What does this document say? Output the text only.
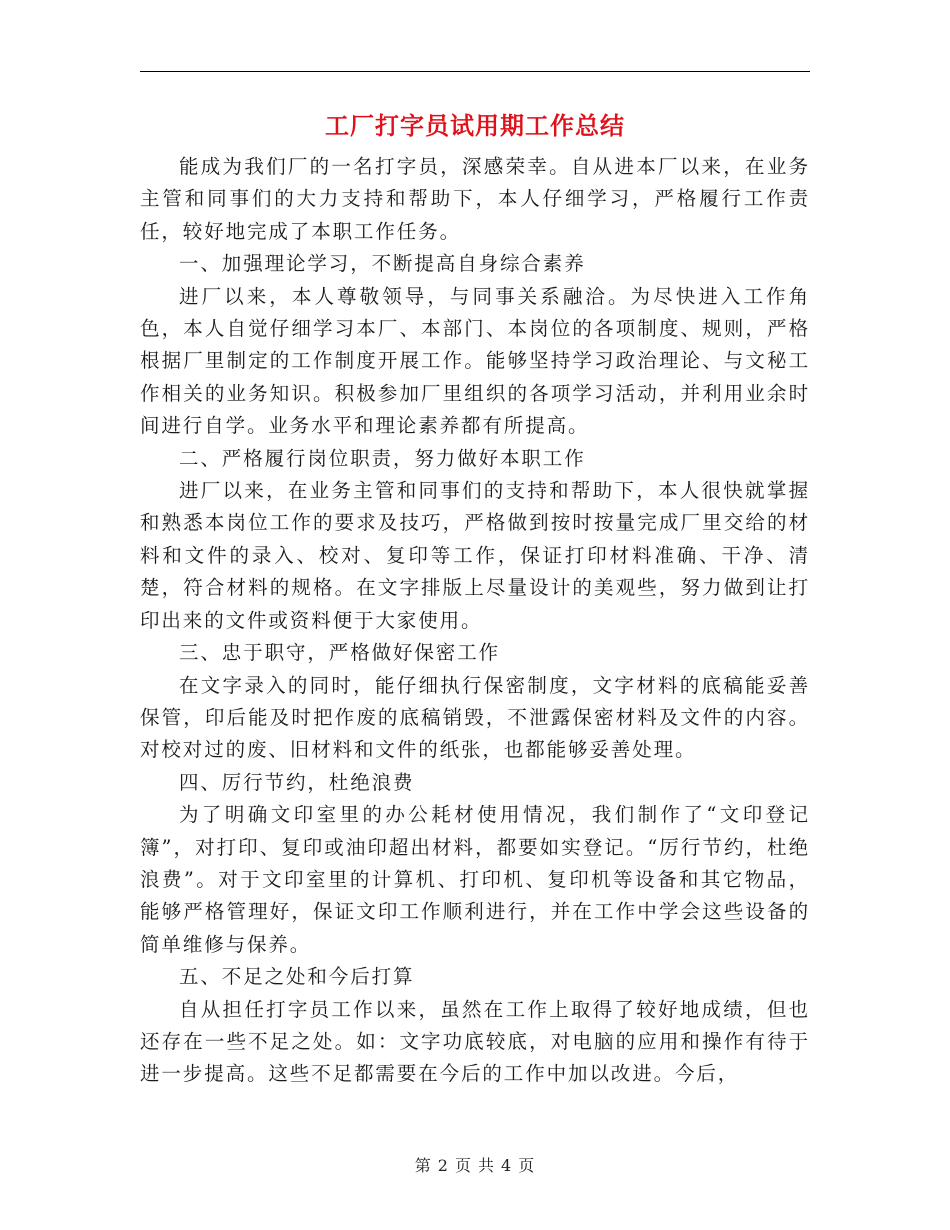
工厂打字员试用期工作总结

能成为我们厂的一名打字员，深感荣幸。自从进本厂以来，在业务主管和同事们的大力支持和帮助下，本人仔细学习，严格履行工作责任，较好地完成了本职工作任务。

一、加强理论学习，不断提高自身综合素养

进厂以来，本人尊敬领导，与同事关系融洽。为尽快进入工作角色，本人自觉仔细学习本厂、本部门、本岗位的各项制度、规则，严格根据厂里制定的工作制度开展工作。能够坚持学习政治理论、与文秘工作相关的业务知识。积极参加厂里组织的各项学习活动，并利用业余时间进行自学。业务水平和理论素养都有所提高。

二、严格履行岗位职责，努力做好本职工作

进厂以来，在业务主管和同事们的支持和帮助下，本人很快就掌握和熟悉本岗位工作的要求及技巧，严格做到按时按量完成厂里交给的材料和文件的录入、校对、复印等工作，保证打印材料准确、干净、清楚，符合材料的规格。在文字排版上尽量设计的美观些，努力做到让打印出来的文件或资料便于大家使用。

三、忠于职守，严格做好保密工作

在文字录入的同时，能仔细执行保密制度，文字材料的底稿能妥善保管，印后能及时把作废的底稿销毁，不泄露保密材料及文件的内容。对校对过的废、旧材料和文件的纸张，也都能够妥善处理。

四、厉行节约，杜绝浪费

为了明确文印室里的办公耗材使用情况，我们制作了“文印登记簿”，对打印、复印或油印超出材料，都要如实登记。“厉行节约，杜绝浪费”。对于文印室里的计算机、打印机、复印机等设备和其它物品，能够严格管理好，保证文印工作顺利进行，并在工作中学会这些设备的简单维修与保养。

五、不足之处和今后打算

自从担任打字员工作以来，虽然在工作上取得了较好地成绩，但也还存在一些不足之处。如：文字功底较底，对电脑的应用和操作有待于进一步提高。这些不足都需要在今后的工作中加以改进。今后，

第 2 页 共 4 页
